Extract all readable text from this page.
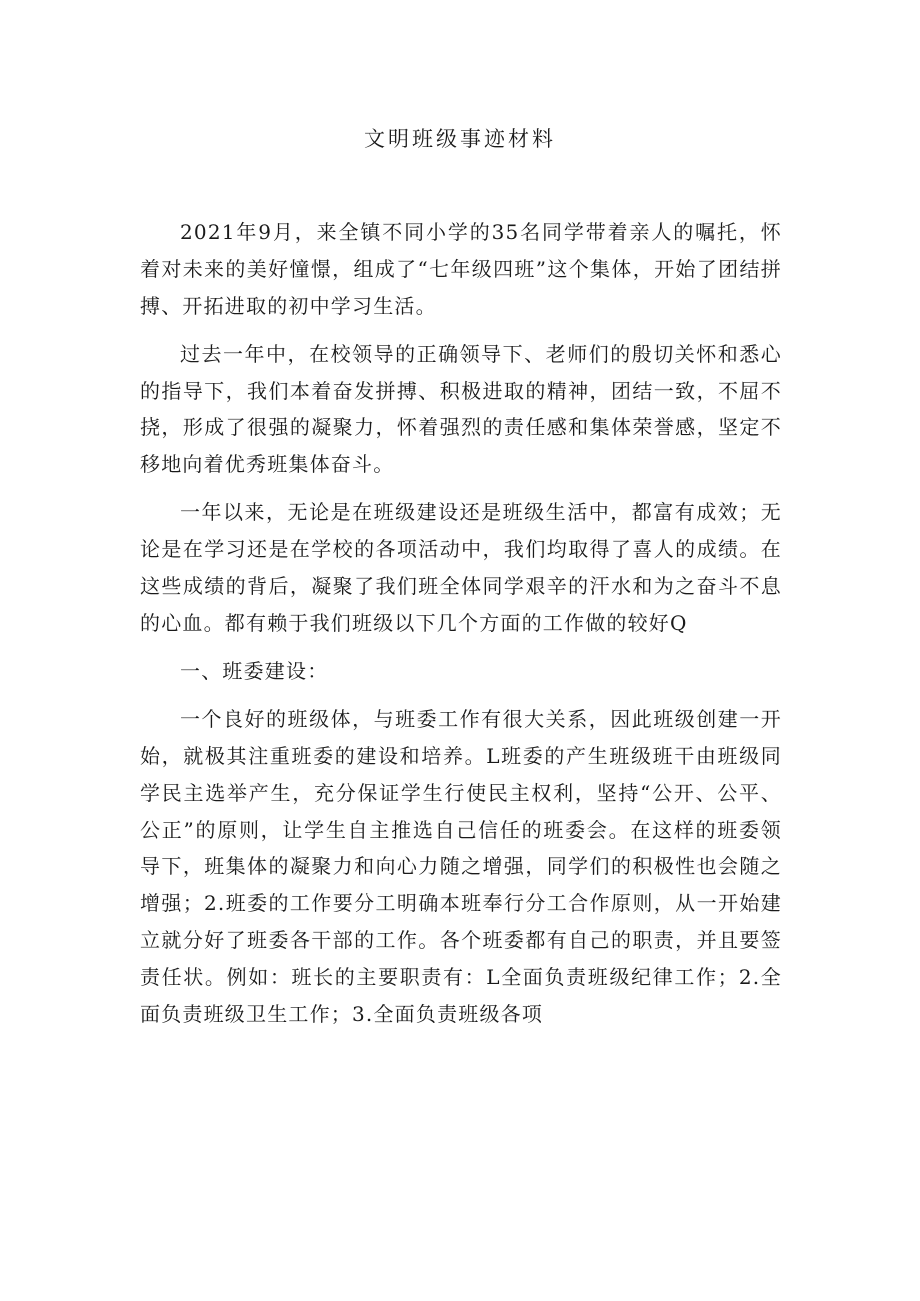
文明班级事迹材料

2021年9月，来全镇不同小学的35名同学带着亲人的嘱托，怀着对未来的美好憧憬，组成了“七年级四班”这个集体，开始了团结拼搏、开拓进取的初中学习生活。

过去一年中，在校领导的正确领导下、老师们的殷切关怀和悉心的指导下，我们本着奋发拼搏、积极进取的精神，团结一致，不屈不挠，形成了很强的凝聚力，怀着强烈的责任感和集体荣誉感，坚定不移地向着优秀班集体奋斗。

一年以来，无论是在班级建设还是班级生活中，都富有成效；无论是在学习还是在学校的各项活动中，我们均取得了喜人的成绩。在这些成绩的背后，凝聚了我们班全体同学艰辛的汗水和为之奋斗不息的心血。都有赖于我们班级以下几个方面的工作做的较好Q

一、班委建设：

一个良好的班级体，与班委工作有很大关系，因此班级创建一开始，就极其注重班委的建设和培养。L班委的产生班级班干由班级同学民主选举产生，充分保证学生行使民主权利，坚持“公开、公平、公正”的原则，让学生自主推选自己信任的班委会。在这样的班委领导下，班集体的凝聚力和向心力随之增强，同学们的积极性也会随之增强；2.班委的工作要分工明确本班奉行分工合作原则，从一开始建立就分好了班委各干部的工作。各个班委都有自己的职责，并且要签责任状。例如：班长的主要职责有：L全面负责班级纪律工作；2.全面负责班级卫生工作；3.全面负责班级各项
